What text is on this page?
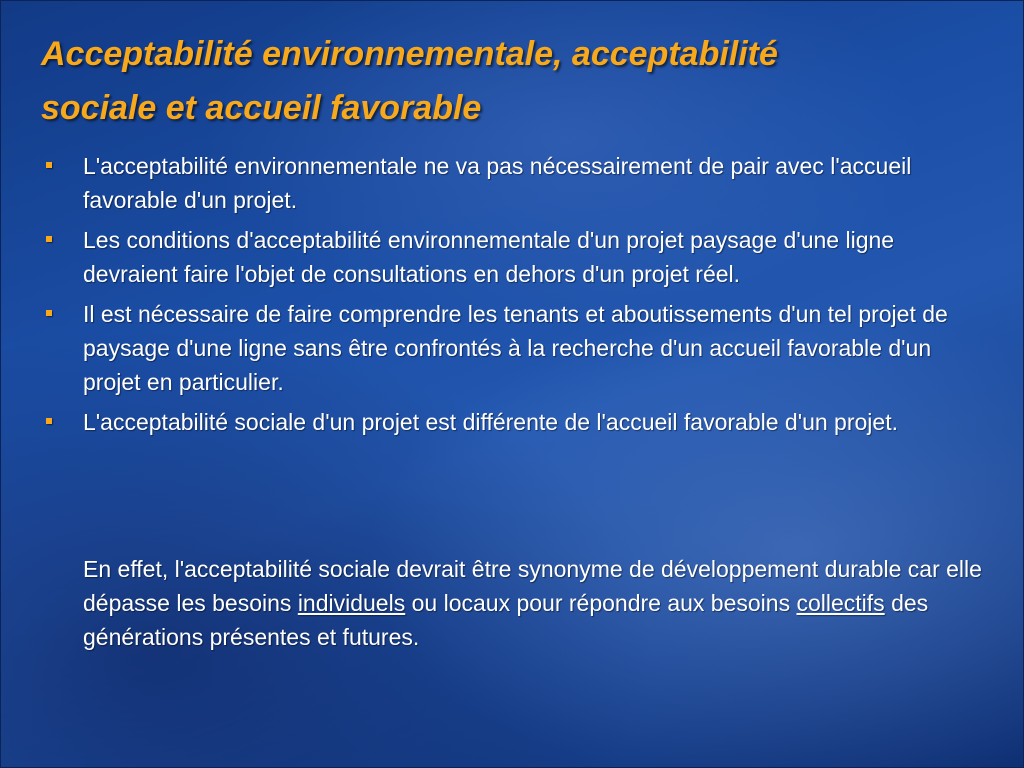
Acceptabilité environnementale, acceptabilité
sociale et accueil favorable
L'acceptabilité environnementale ne va pas nécessairement de pair avec l'accueil favorable d'un projet.
Les conditions d'acceptabilité environnementale d'un projet paysage d'une ligne devraient faire l'objet de consultations en dehors d'un projet réel.
Il est nécessaire de faire comprendre les tenants et aboutissements d'un tel projet de paysage d'une ligne sans être confrontés à la recherche d'un accueil favorable d'un projet en particulier.
L'acceptabilité sociale d'un projet est différente de l'accueil favorable d'un projet.

En effet, l'acceptabilité sociale devrait être synonyme de développement durable car elle dépasse les besoins individuels ou locaux pour répondre aux besoins collectifs des générations présentes et futures.
